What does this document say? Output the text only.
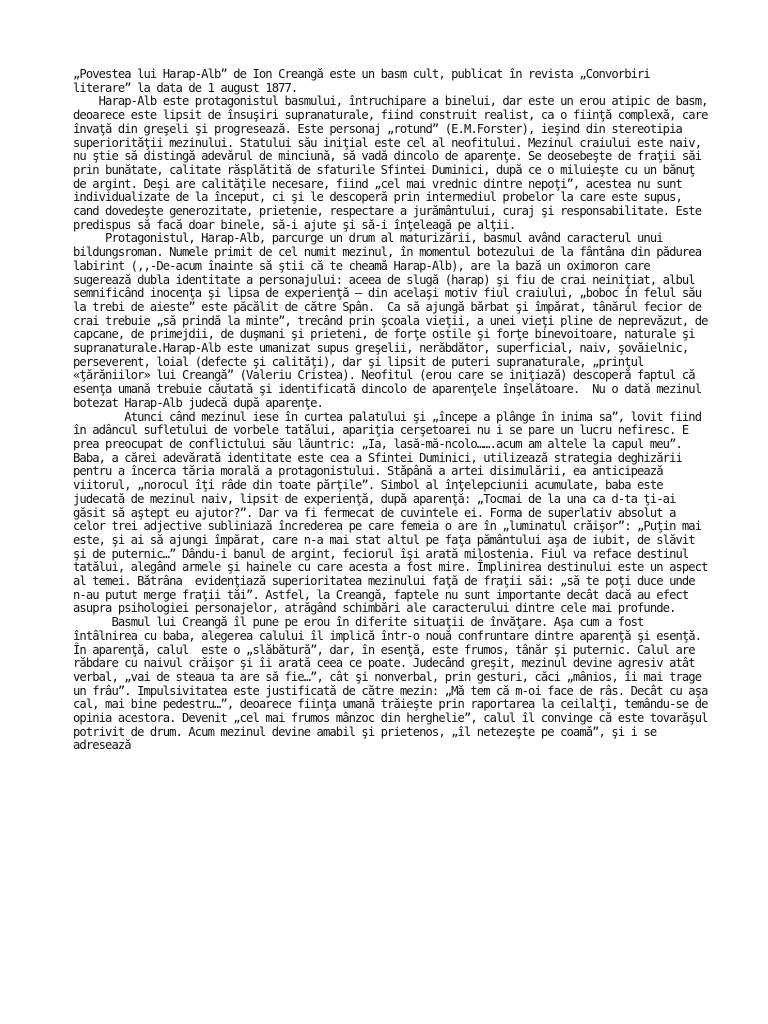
„Povestea lui Harap-Alb” de Ion Creangă este un basm cult, publicat în revista „Convorbiri literare” la data de 1 august 1877.

Harap-Alb este protagonistul basmului, întruchipare a binelui, dar este un erou atipic de basm, deoarece este lipsit de însuşiri supranaturale, fiind construit realist, ca o fiinţă complexă, care învaţă din greşeli şi progresează. Este personaj „rotund” (E.M.Forster), ieşind din stereotipia superiorităţii mezinului. Statului său iniţial este cel al neofitului. Mezinul craiului este naiv, nu ştie să distingă adevărul de minciună, să vadă dincolo de aparenţe. Se deosebeşte de fraţii săi prin bunătate, calitate răsplătită de sfaturile Sfintei Duminici, după ce o miluieşte cu un bănuţ de argint. Deşi are calităţile necesare, fiind „cel mai vrednic dintre nepoţi”, acestea nu sunt individualizate de la început, ci şi le descoperă prin intermediul probelor la care este supus, cand dovedeşte generozitate, prietenie, respectare a jurământului, curaj şi responsabilitate. Este predispus să facă doar binele, să-i ajute şi să-i înţeleagă pe alţii.

Protagonistul, Harap-Alb, parcurge un drum al maturizării, basmul având caracterul unui bildungsroman. Numele primit de cel numit mezinul, în momentul botezului de la fântâna din pădurea labirint (,,-De-acum înainte să ştii că te cheamă Harap-Alb), are la bază un oximoron care sugerează dubla identitate a personajului: aceea de slugă (harap) şi fiu de crai neiniţiat, albul semnificând inocenţa şi lipsa de experienţă – din acelaşi motiv fiul craiului, „boboc în felul său la trebi de aieste” este păcălit de către Spân.  Ca să ajungă bărbat şi împărat, tânărul fecior de crai trebuie „să prindă la minte”, trecând prin şcoala vieţii, a unei vieţi pline de neprevăzut, de capcane, de primejdii, de duşmani şi prieteni, de forţe ostile şi forţe binevoitoare, naturale şi supranaturale.Harap-Alb este umanizat supus greşelii, nerăbdător, superficial, naiv, şovăielnic, perseverent, loial (defecte şi calităţi), dar şi lipsit de puteri supranaturale, „prinţul «ţărăniilor» lui Creangă” (Valeriu Cristea). Neofitul (erou care se iniţiază) descoperă faptul că esenţa umană trebuie căutată şi identificată dincolo de aparenţele înşelătoare.  Nu o dată mezinul botezat Harap-Alb judecă după aparenţe.

Atunci când mezinul iese în curtea palatului şi „începe a plânge în inima sa”, lovit fiind în adâncul sufletului de vorbele tatălui, apariţia cerşetoarei nu i se pare un lucru nefiresc. E prea preocupat de conflictului său lăuntric: „Ia, lasă-mă-ncolo…….acum am altele la capul meu”. Baba, a cărei adevărată identitate este cea a Sfintei Duminici, utilizează strategia deghizării pentru a încerca tăria morală a protagonistului. Stăpână a artei disimulării, ea anticipează viitorul, „norocul îţi râde din toate părţile”. Simbol al înţelepciunii acumulate, baba este judecată de mezinul naiv, lipsit de experienţă, după aparenţă: „Tocmai de la una ca d-ta ţi-ai găsit să aştept eu ajutor?”. Dar va fi fermecat de cuvintele ei. Forma de superlativ absolut a celor trei adjective subliniază încrederea pe care femeia o are în „luminatul crăişor”: „Puţin mai este, şi ai să ajungi împărat, care n-a mai stat altul pe faţa pământului aşa de iubit, de slăvit şi de puternic…” Dându-i banul de argint, feciorul îşi arată milostenia. Fiul va reface destinul tatălui, alegând armele şi hainele cu care acesta a fost mire. Împlinirea destinului este un aspect al temei. Bătrâna  evidenţiază superioritatea mezinului faţă de fraţii săi: „să te poţi duce unde n-au putut merge fraţii tăi”. Astfel, la Creangă, faptele nu sunt importante decât dacă au efect asupra psihologiei personajelor, atrăgând schimbări ale caracterului dintre cele mai profunde.

Basmul lui Creangă îl pune pe erou în diferite situaţii de învăţare. Aşa cum a fost întâlnirea cu baba, alegerea calului îl implică într-o nouă confruntare dintre aparenţă şi esenţă. În aparenţă, calul  este o „slăbătură”, dar, în esenţă, este frumos, tânăr şi puternic. Calul are răbdare cu naivul crăişor şi îi arată ceea ce poate. Judecând greşit, mezinul devine agresiv atât verbal, „vai de steaua ta are să fie…”, cât şi nonverbal, prin gesturi, căci „mânios, îi mai trage un frâu”. Impulsivitatea este justificată de către mezin: „Mă tem că m-oi face de râs. Decât cu aşa cal, mai bine pedestru…”, deoarece fiinţa umană trăieşte prin raportarea la ceilalţi, temându-se de opinia acestora. Devenit „cel mai frumos mânzoc din herghelie”, calul îl convinge că este tovarăşul potrivit de drum. Acum mezinul devine amabil şi prietenos, „îl netezeşte pe coamă”, şi i se adresează
